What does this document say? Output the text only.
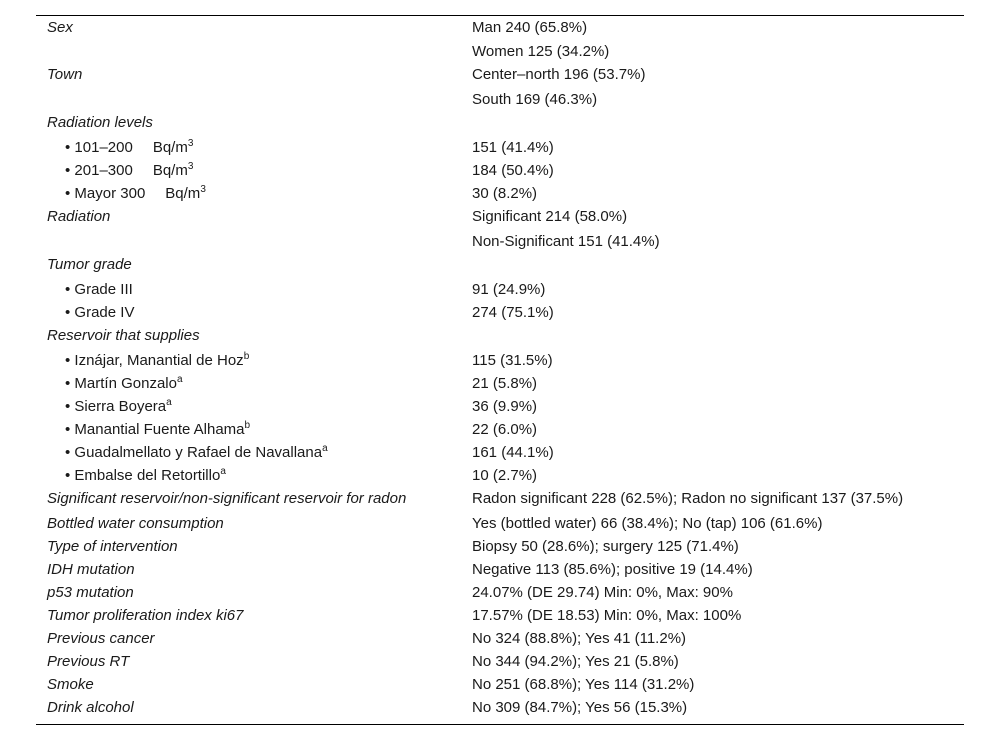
Sex	Man 240 (65.8%)
Women 125 (34.2%)
Town	Center–north 196 (53.7%)
South 169 (46.3%)
Radiation levels
• 101–200 $Bq/m^3$	151 (41.4%)
• 201–300 $Bq/m^3$	184 (50.4%)
• Mayor 300 $Bq/m^3$	30 (8.2%)
Radiation	Significant 214 (58.0%)
Non-Significant 151 (41.4%)
Tumor grade
• Grade III	91 (24.9%)
• Grade IV	274 (75.1%)
Reservoir that supplies
• Iznájar, Manantial de Hoz$^b$	115 (31.5%)
• Martín Gonzalo$^a$	21 (5.8%)
• Sierra Boyera$^a$	36 (9.9%)
• Manantial Fuente Alhama$^b$	22 (6.0%)
• Guadalmellato y Rafael de Navallana$^a$	161 (44.1%)
• Embalse del Retortillo$^a$	10 (2.7%)
Significant reservoir/non-significant reservoir for radon	Radon significant 228 (62.5%); Radon no significant 137 (37.5%)
Bottled water consumption	Yes (bottled water) 66 (38.4%); No (tap) 106 (61.6%)
Type of intervention	Biopsy 50 (28.6%); surgery 125 (71.4%)
IDH mutation	Negative 113 (85.6%); positive 19 (14.4%)
p53 mutation	24.07% (DE 29.74) Min: 0%, Max: 90%
Tumor proliferation index ki67	17.57% (DE 18.53) Min: 0%, Max: 100%
Previous cancer	No 324 (88.8%); Yes 41 (11.2%)
Previous RT	No 344 (94.2%); Yes 21 (5.8%)
Smoke	No 251 (68.8%); Yes 114 (31.2%)
Drink alcohol	No 309 (84.7%); Yes 56 (15.3%)
